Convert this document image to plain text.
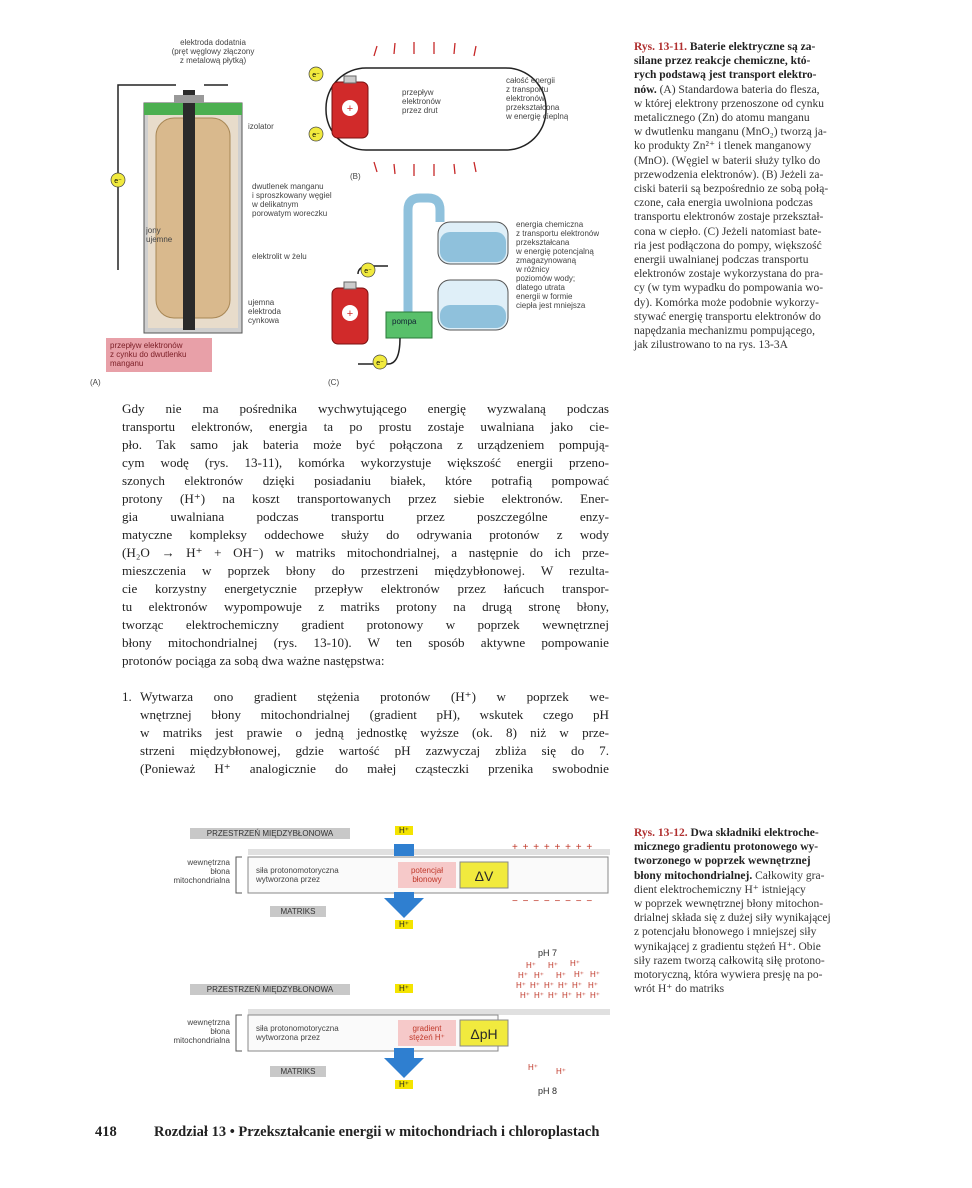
e⁻
+
e⁻
e⁻
+
e⁻
e⁻
elektroda dodatnia
(pręt węglowy złączony
z metalową płytką)
izolator
dwutlenek manganu
i sproszkowany węgiel
w delikatnym
porowatym woreczku
jony
ujemne
elektrolit w żelu
ujemna
elektroda
cynkowa
przepływ elektronów
z cynku do dwutlenku
manganu
(A)
(B)
(C)
przepływ
elektronów
przez drut
całość energii
z transportu
elektronów
przekształcona
w energię cieplną
energia chemiczna
z transportu elektronów
przekształcana
w energię potencjalną
zmagazynowaną
w różnicy
poziomów wody;
dlatego utrata
energii w formie
ciepła jest mniejsza
pompa
Rys. 13-11. Baterie elektryczne są za-
silane przez reakcje chemiczne, któ-
rych podstawą jest transport elektro-
nów. (A) Standardowa bateria do flesza,
w której elektrony przenoszone od cynku
metalicznego (Zn) do atomu manganu
w dwutlenku manganu (MnO₂) tworzą ja-
ko produkty Zn²⁺ i tlenek manganowy
(MnO). (Węgiel w baterii służy tylko do
przewodzenia elektronów). (B) Jeżeli za-
ciski baterii są bezpośrednio ze sobą połą-
czone, cała energia uwolniona podczas
transportu elektronów zostaje przekształ-
cona w ciepło. (C) Jeżeli natomiast bate-
ria jest podłączona do pompy, większość
energii uwalnianej podczas transportu
elektronów zostaje wykorzystana do pra-
cy (w tym wypadku do pompowania wo-
dy). Komórka może podobnie wykorzy-
stywać energię transportu elektronów do
napędzania mechanizmu pompującego,
jak zilustrowano to na rys. 13-3A
Gdy nie ma pośrednika wychwytującego energię wyzwalaną podczas
transportu elektronów, energia ta po prostu zostaje uwalniana jako cie-
pło. Tak samo jak bateria może być połączona z urządzeniem pompują-
cym wodę (rys. 13-11), komórka wykorzystuje większość energii przeno-
szonych elektronów dzięki posiadaniu białek, które potrafią pompować
protony (H⁺) na koszt transportowanych przez siebie elektronów. Ener-
gia uwalniana podczas transportu przez poszczególne enzy-
matyczne kompleksy oddechowe służy do odrywania protonów z wody
(H₂O → H⁺ + OH⁻) w matriks mitochondrialnej, a następnie do ich prze-
mieszczenia w poprzek błony do przestrzeni międzybłonowej. W rezulta-
cie korzystny energetycznie przepływ elektronów przez łańcuch transpor-
tu elektronów wypompowuje z matriks protony na drugą stronę błony,
tworząc elektrochemiczny gradient protonowy w poprzek wewnętrznej
błony mitochondrialnej (rys. 13-10). W ten sposób aktywne pompowanie
protonów pociąga za sobą dwa ważne następstwa:
1. Wytwarza ono gradient stężenia protonów (H⁺) w poprzek we-
wnętrznej błony mitochondrialnej (gradient pH), wskutek czego pH
w matriks jest prawie o jedną jednostkę wyższe (ok. 8) niż w prze-
strzeni międzybłonowej, gdzie wartość pH zazwyczaj zbliża się do 7.
(Ponieważ H⁺ analogicznie do małej cząsteczki przenika swobodnie
PRZESTRZEŃ MIĘDZYBŁONOWA
MATRIKS
PRZESTRZEŃ MIĘDZYBŁONOWA
MATRIKS
H⁺
H⁺
H⁺
H⁺
wewnętrzna
błona
mitochondrialna
wewnętrzna
błona
mitochondrialna
siła protonomotoryczna
wytworzona przez
siła protonomotoryczna
wytworzona przez
potencjał
błonowy
gradient
stężeń H⁺
ΔV
ΔpH
+ + + + + + + +
− − − − − − − −
pH 7
pH 8
H⁺ H⁺ H⁺
H⁺ H⁺ H⁺ H⁺ H⁺
H⁺ H⁺ H⁺ H⁺ H⁺ H⁺
H⁺ H⁺ H⁺ H⁺ H⁺ H⁺
H⁺ H⁺
Rys. 13-12. Dwa składniki elektroche-
micznego gradientu protonowego wy-
tworzonego w poprzek wewnętrznej
błony mitochondrialnej. Całkowity gra-
dient elektrochemiczny H⁺ istniejący
w poprzek wewnętrznej błony mitochon-
drialnej składa się z dużej siły wynikającej
z potencjału błonowego i mniejszej siły
wynikającej z gradientu stężeń H⁺. Obie
siły razem tworzą całkowitą siłę protono-
motoryczną, która wywiera presję na po-
wrót H⁺ do matriks
418	Rozdział 13 • Przekształcanie energii w mitochondriach i chloroplastach
